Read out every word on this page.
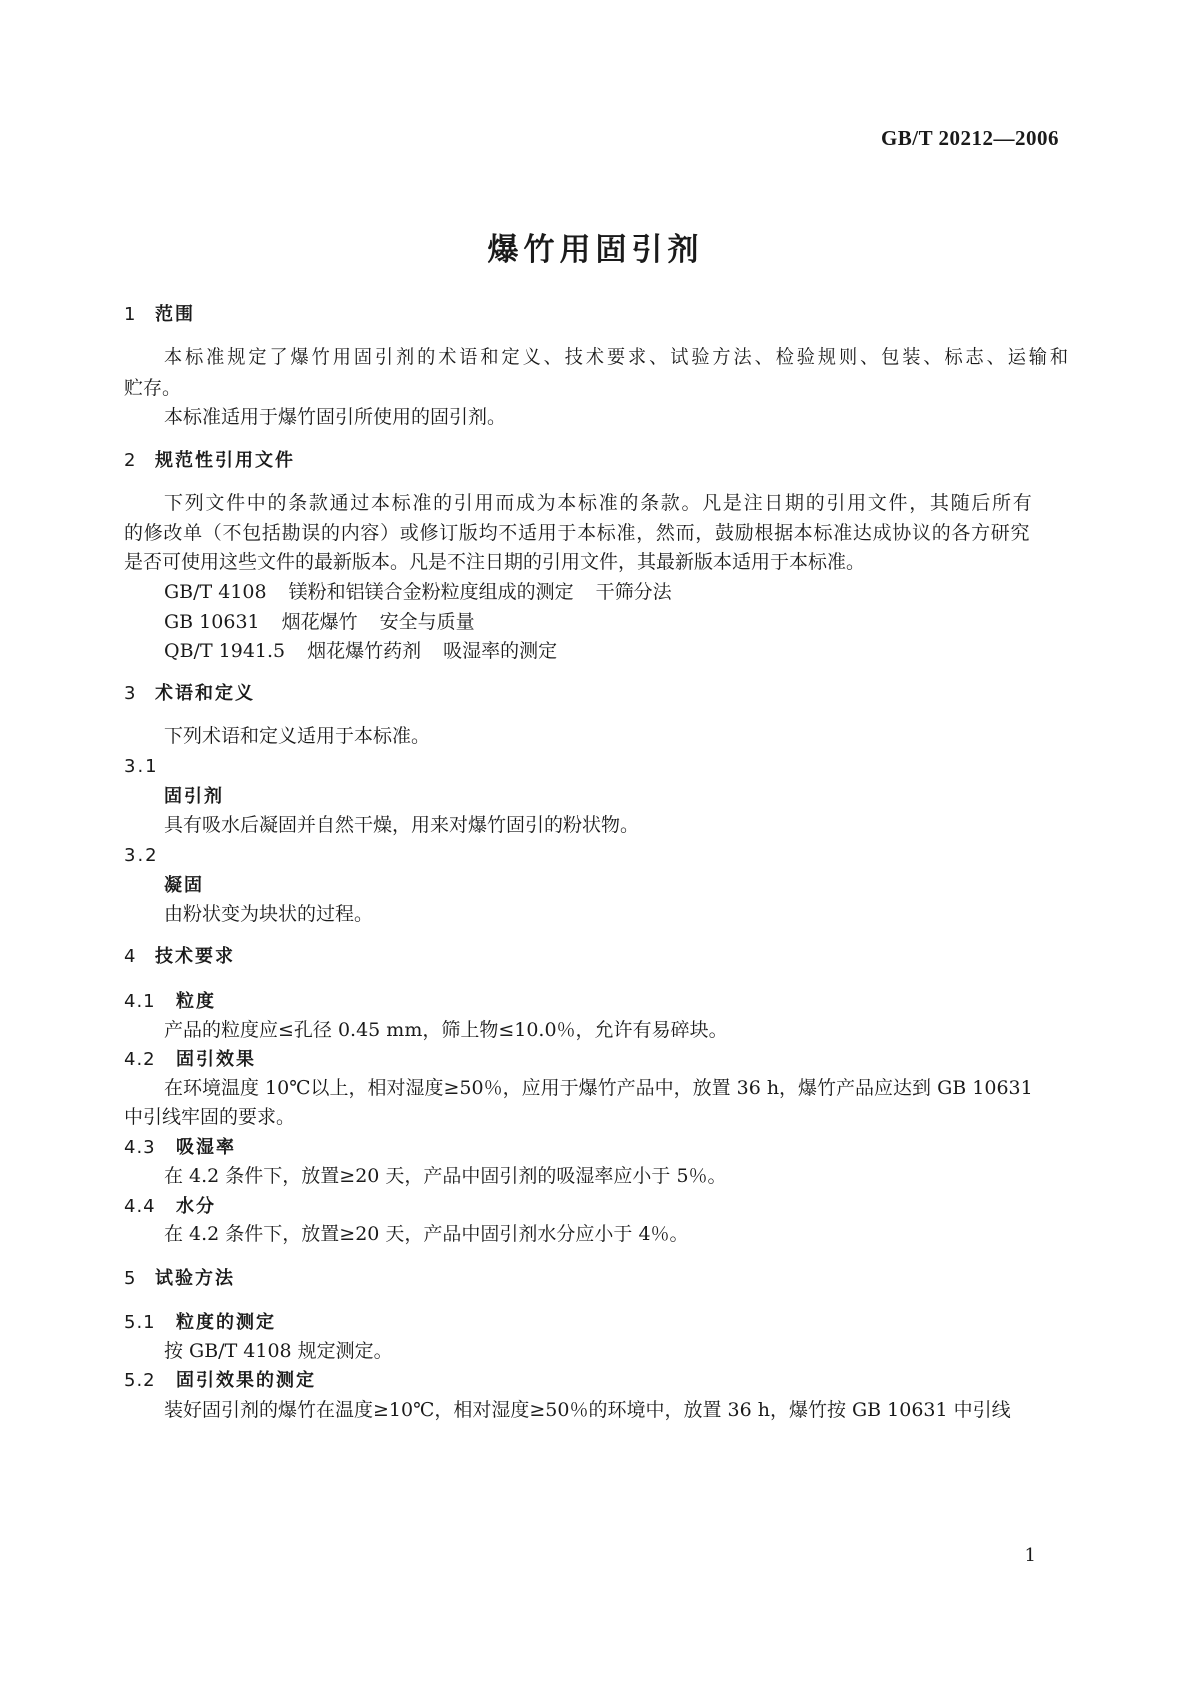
GB/T 20212—2006
爆竹用固引剂
1 范围
本标准规定了爆竹用固引剂的术语和定义、技术要求、试验方法、检验规则、包装、标志、运输和
贮存。
本标准适用于爆竹固引所使用的固引剂。
2 规范性引用文件
下列文件中的条款通过本标准的引用而成为本标准的条款。凡是注日期的引用文件，其随后所有
的修改单（不包括勘误的内容）或修订版均不适用于本标准，然而，鼓励根据本标准达成协议的各方研究
是否可使用这些文件的最新版本。凡是不注日期的引用文件，其最新版本适用于本标准。
GB/T 4108 镁粉和铝镁合金粉粒度组成的测定 干筛分法
GB 10631 烟花爆竹 安全与质量
QB/T 1941.5 烟花爆竹药剂 吸湿率的测定
3 术语和定义
下列术语和定义适用于本标准。
3.1
固引剂
具有吸水后凝固并自然干燥，用来对爆竹固引的粉状物。
3.2
凝固
由粉状变为块状的过程。
4 技术要求
4.1 粒度
产品的粒度应≤孔径 0.45 mm，筛上物≤10.0％，允许有易碎块。
4.2 固引效果
在环境温度 10℃以上，相对湿度≥50％，应用于爆竹产品中，放置 36 h，爆竹产品应达到 GB 10631
中引线牢固的要求。
4.3 吸湿率
在 4.2 条件下，放置≥20 天，产品中固引剂的吸湿率应小于 5％。
4.4 水分
在 4.2 条件下，放置≥20 天，产品中固引剂水分应小于 4％。
5 试验方法
5.1 粒度的测定
按 GB/T 4108 规定测定。
5.2 固引效果的测定
装好固引剂的爆竹在温度≥10℃，相对湿度≥50％的环境中，放置 36 h，爆竹按 GB 10631 中引线
1
